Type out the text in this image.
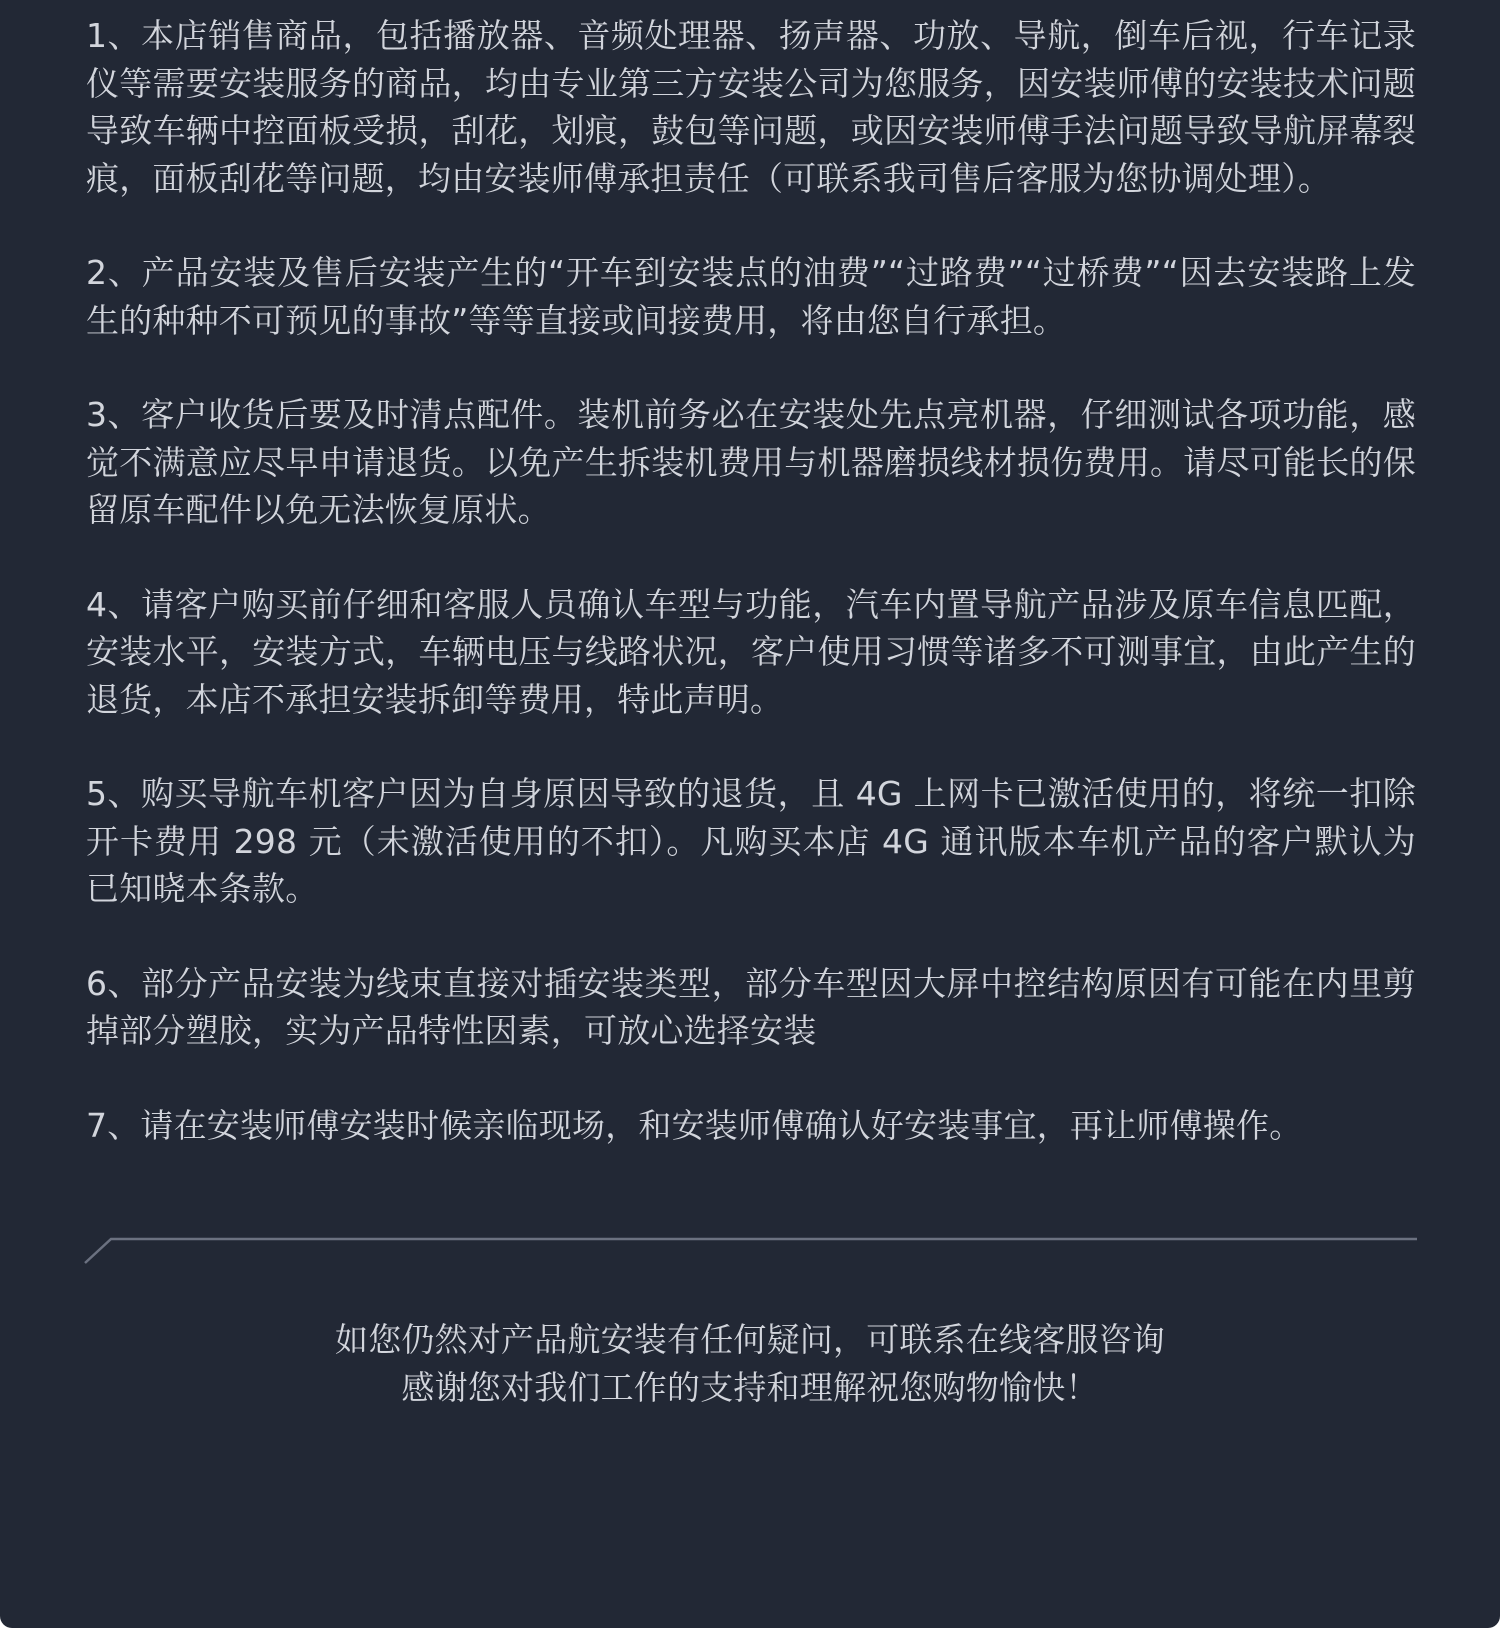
1、本店销售商品，包括播放器、音频处理器、扬声器、功放、导航，倒车后视，行车记录仪等需要安装服务的商品，均由专业第三方安装公司为您服务，因安装师傅的安装技术问题导致车辆中控面板受损，刮花，划痕，鼓包等问题，或因安装师傅手法问题导致导航屏幕裂痕，面板刮花等问题，均由安装师傅承担责任（可联系我司售后客服为您协调处理）。
2、产品安装及售后安装产生的“开车到安装点的油费”“过路费”“过桥费”“因去安装路上发生的种种不可预见的事故”等等直接或间接费用，将由您自行承担。
3、客户收货后要及时清点配件。装机前务必在安装处先点亮机器，仔细测试各项功能，感觉不满意应尽早申请退货。以免产生拆装机费用与机器磨损线材损伤费用。请尽可能长的保留原车配件以免无法恢复原状。
4、请客户购买前仔细和客服人员确认车型与功能，汽车内置导航产品涉及原车信息匹配，安装水平，安装方式，车辆电压与线路状况，客户使用习惯等诸多不可测事宜，由此产生的退货，本店不承担安装拆卸等费用，特此声明。
5、购买导航车机客户因为自身原因导致的退货，且 4G 上网卡已激活使用的，将统一扣除开卡费用 298 元（未激活使用的不扣）。凡购买本店 4G 通讯版本车机产品的客户默认为已知晓本条款。
6、部分产品安装为线束直接对插安装类型，部分车型因大屏中控结构原因有可能在内里剪掉部分塑胶，实为产品特性因素，可放心选择安装
7、请在安装师傅安装时候亲临现场，和安装师傅确认好安装事宜，再让师傅操作。

如您仍然对产品航安装有任何疑问，可联系在线客服咨询

感谢您对我们工作的支持和理解祝您购物愉快！
